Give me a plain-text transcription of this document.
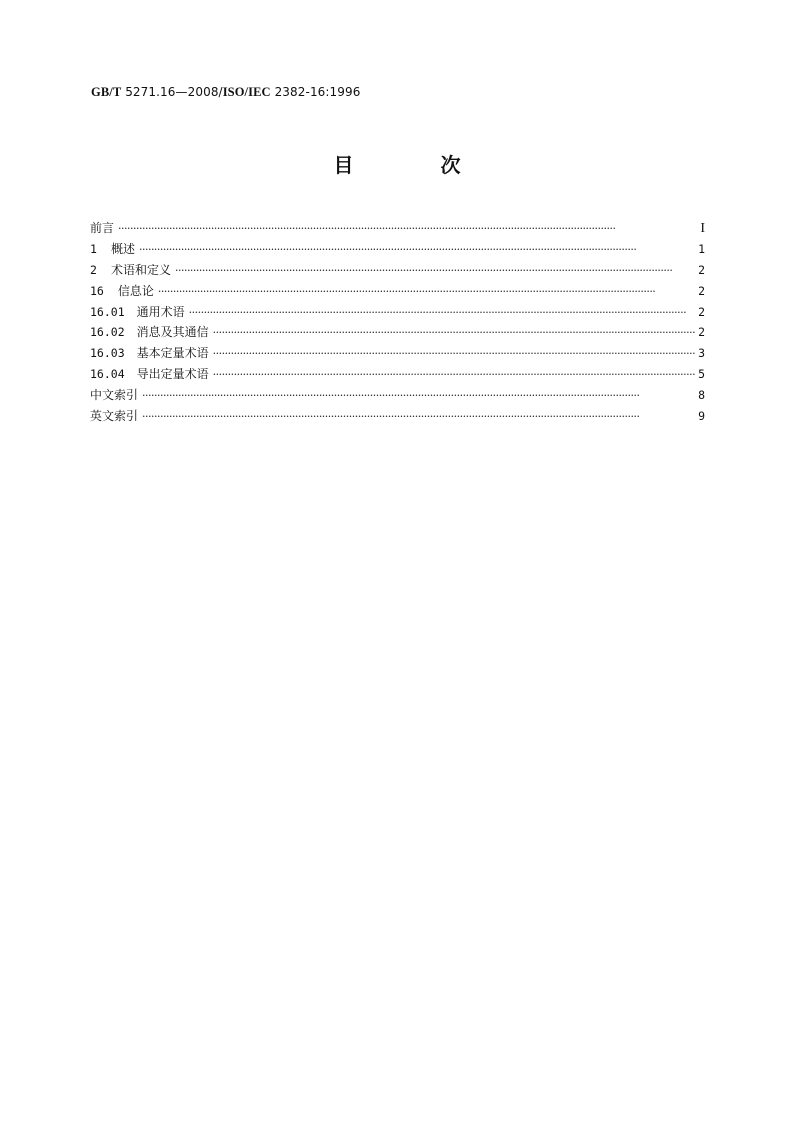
GB/T 5271.16—2008/ISO/IEC 2382-16:1996
目 次
前言 ·····	I
1 概述 ·····	1
2 术语和定义 ·····	2
16 信息论 ·····	2
16.01 通用术语 ·····	2
16.02 消息及其通信 ·····	2
16.03 基本定量术语 ·····	3
16.04 导出定量术语 ·····	5
中文索引 ·····	8
英文索引 ·····	9
